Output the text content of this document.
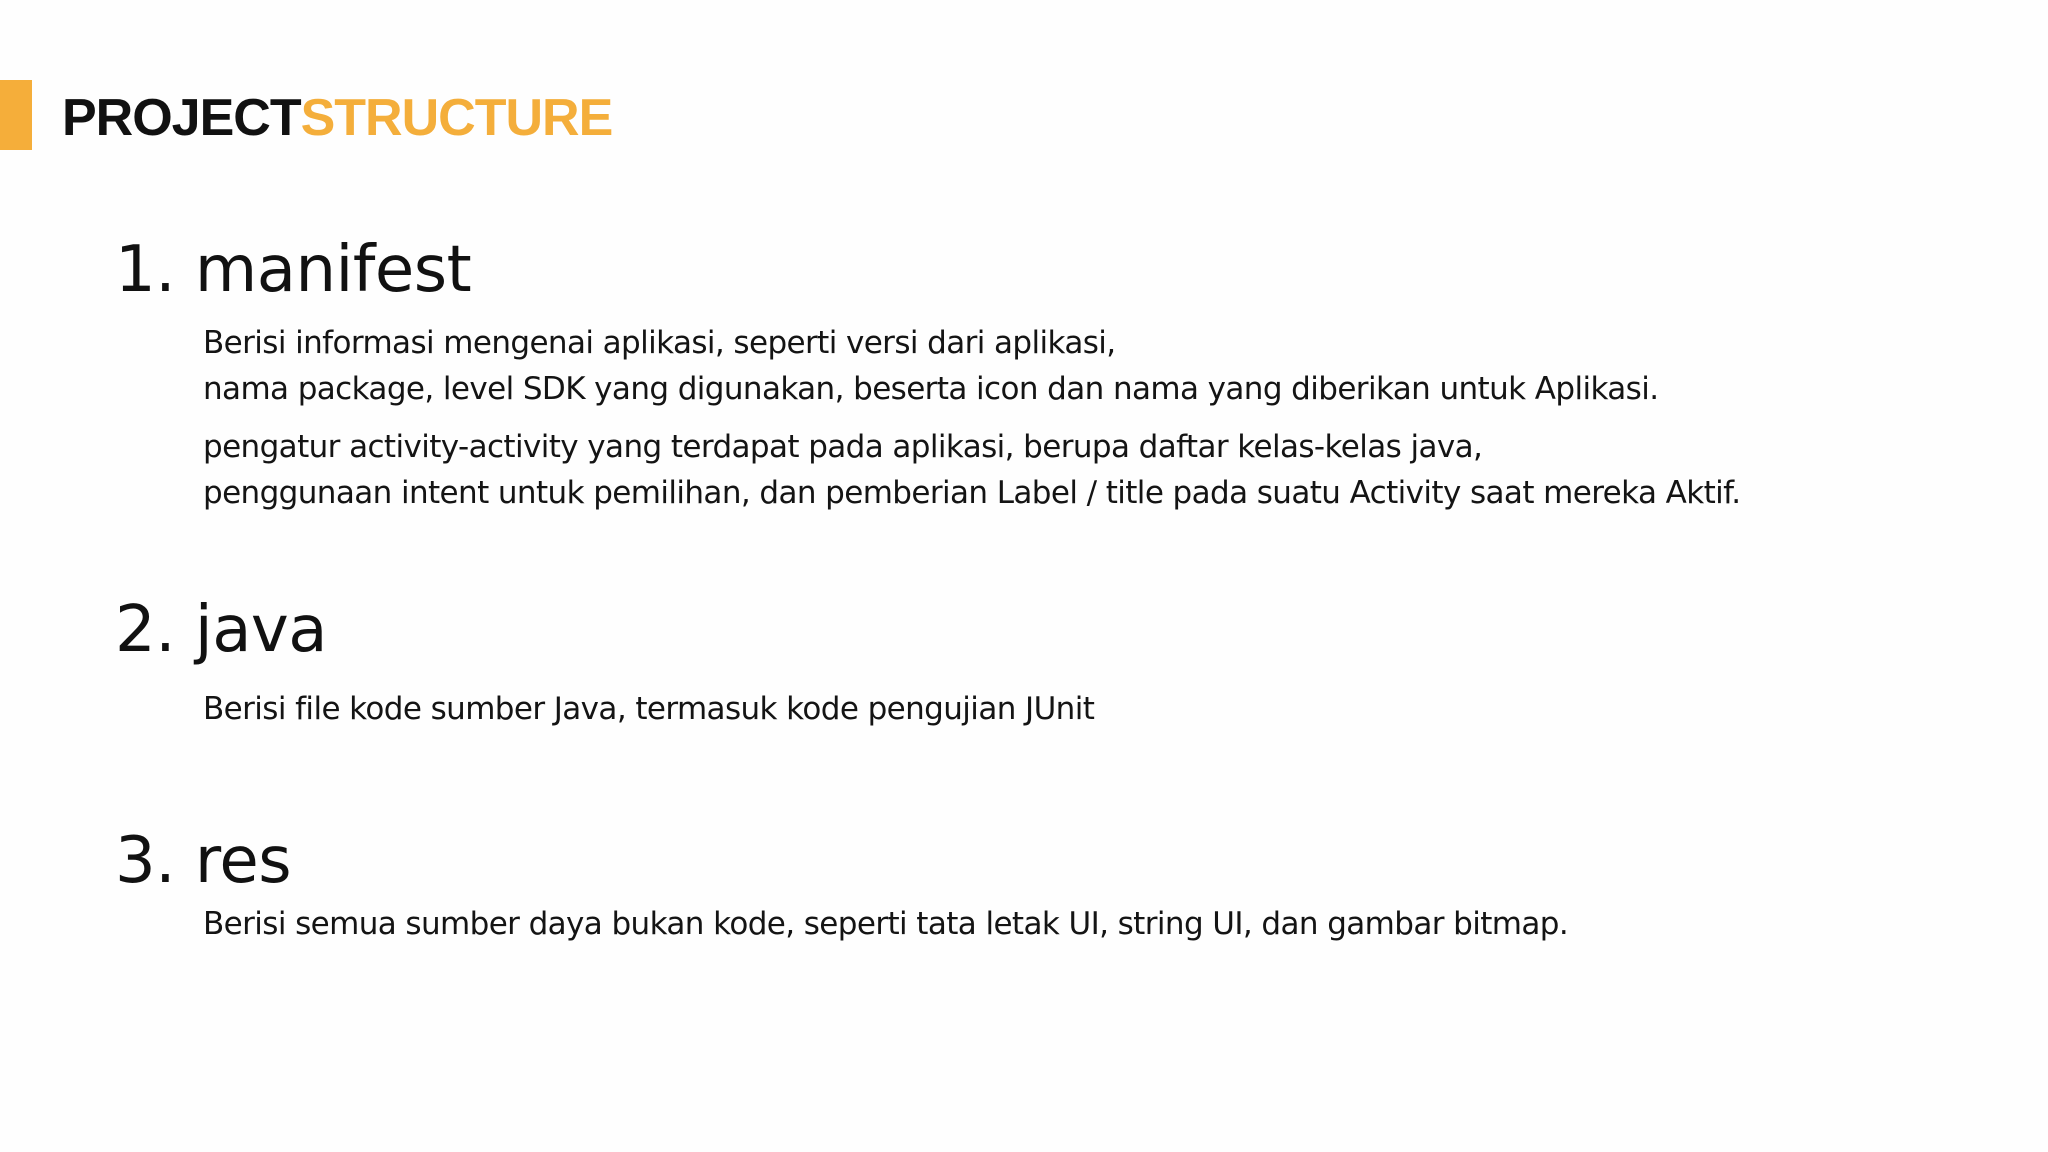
PROJECTSTRUCTURE
1. manifest
Berisi informasi mengenai aplikasi, seperti versi dari aplikasi,
nama package, level SDK yang digunakan, beserta icon dan nama yang diberikan untuk Aplikasi.
pengatur activity-activity yang terdapat pada aplikasi, berupa daftar kelas-kelas java,
penggunaan intent untuk pemilihan, dan pemberian Label / title pada suatu Activity saat mereka Aktif.
2. java
Berisi file kode sumber Java, termasuk kode pengujian JUnit
3. res
Berisi semua sumber daya bukan kode, seperti tata letak UI, string UI, dan gambar bitmap.
